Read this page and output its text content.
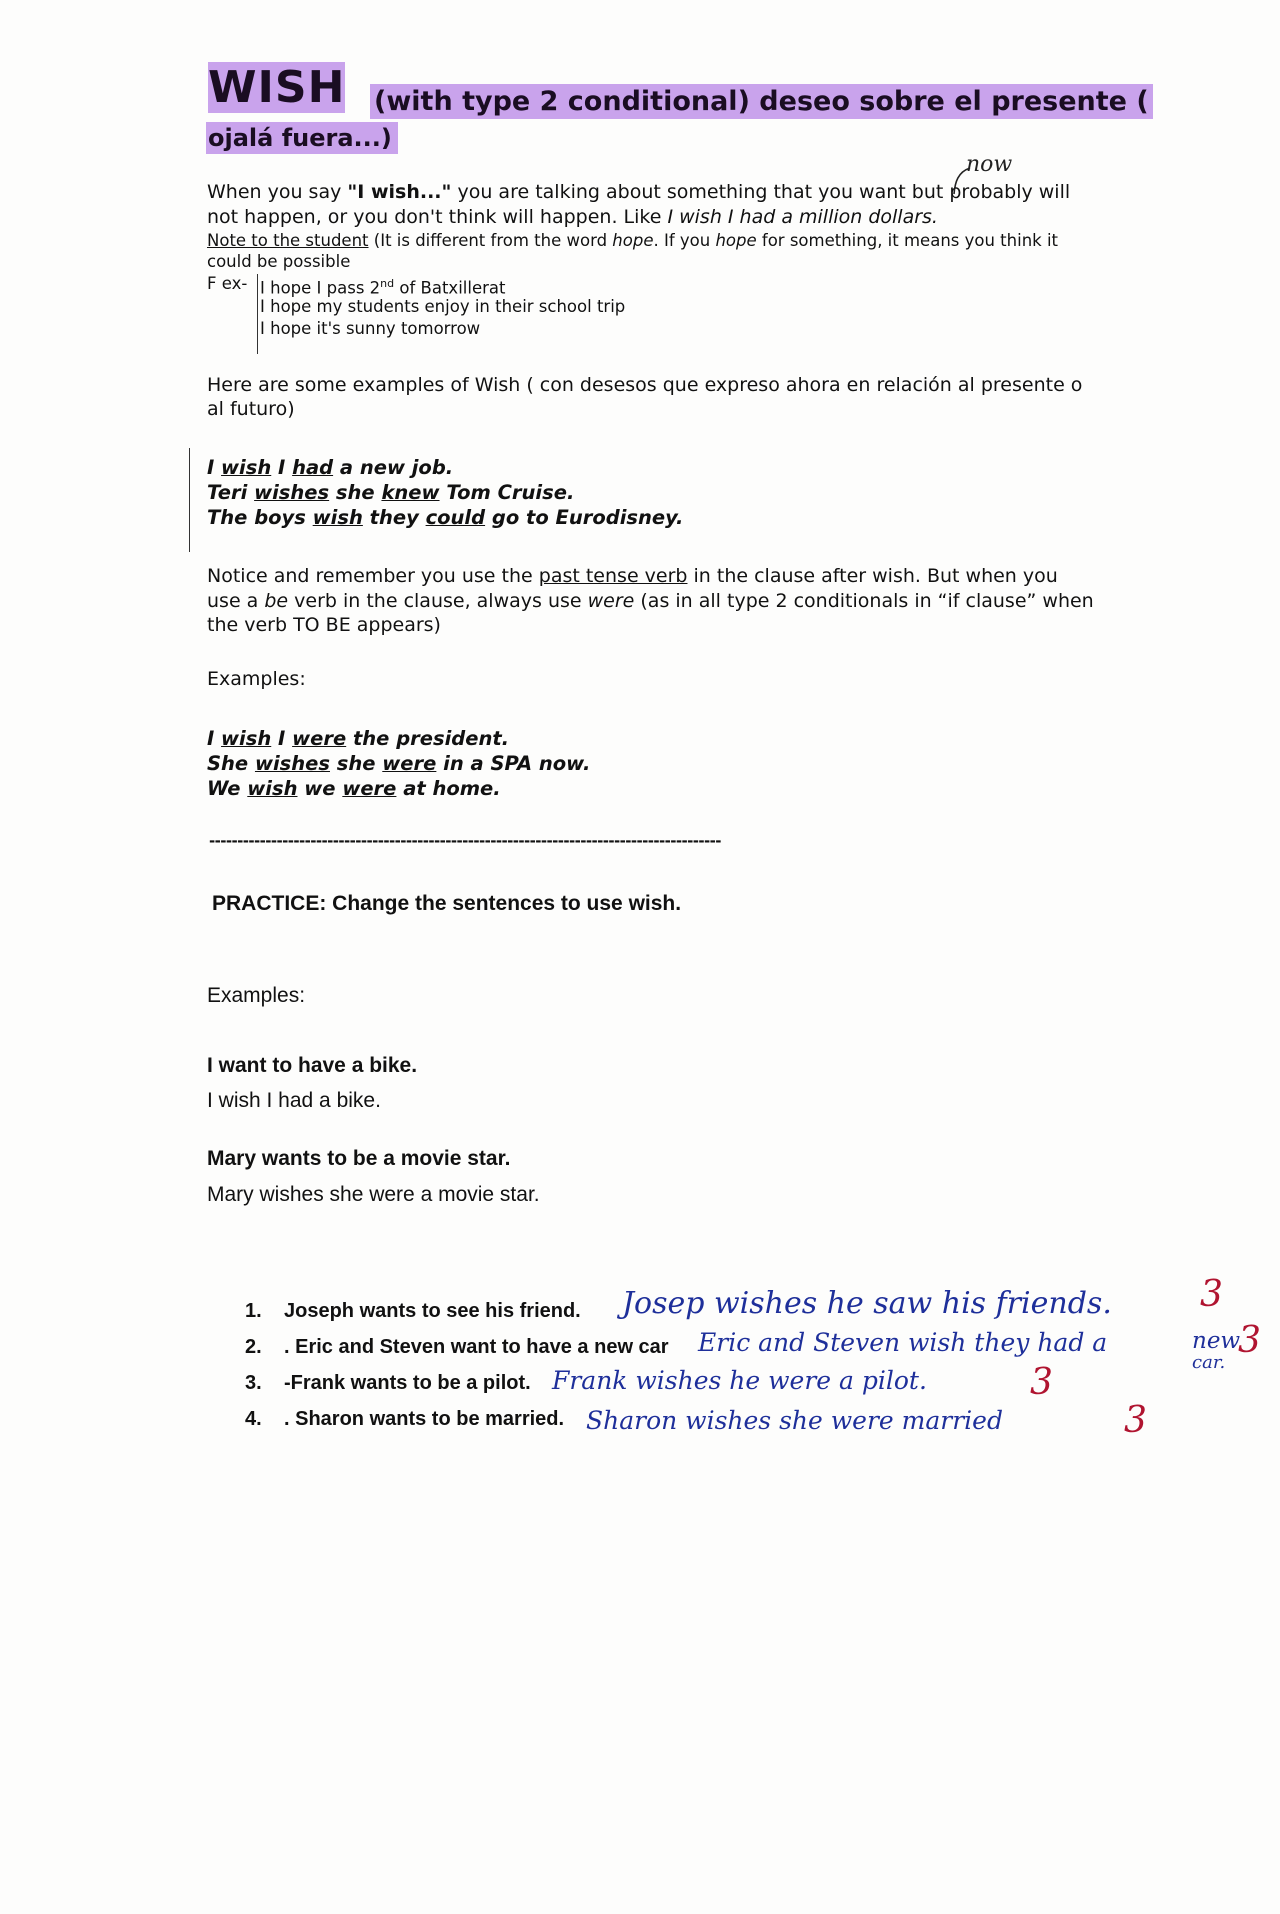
WISH (with type 2 conditional) deseo sobre el presente (
ojalá fuera...)
now
When you say "I wish..." you are talking about something that you want but probably will
not happen, or you don't think will happen. Like I wish I had a million dollars.
Note to the student (It is different from the word hope. If you hope for something, it means you think it
could be possible
F ex- I hope I pass 2nd of Batxillerat
I hope my students enjoy in their school trip
I hope it's sunny tomorrow
Here are some examples of Wish ( con desesos que expreso ahora en relación al presente o
al futuro)
I wish I had a new job.
Teri wishes she knew Tom Cruise.
The boys wish they could go to Eurodisney.
Notice and remember you use the past tense verb in the clause after wish. But when you
use a be verb in the clause, always use were (as in all type 2 conditionals in “if clause” when
the verb TO BE appears)
Examples:
I wish I were the president.
She wishes she were in a SPA now.
We wish we were at home.
-------------------------------------------------------------------------------------------
PRACTICE: Change the sentences to use wish.
Examples:
I want to have a bike.
I wish I had a bike.
Mary wants to be a movie star.
Mary wishes she were a movie star.
1. Joseph wants to see his friend. Josep wishes he saw his friends. 3
2. . Eric and Steven want to have a new car Eric and Steven wish they had a	new
car.
3
3. -Frank wants to be a pilot. Frank wishes he were a pilot.	3
4. . Sharon wants to be married. Sharon wishes she were married	3
